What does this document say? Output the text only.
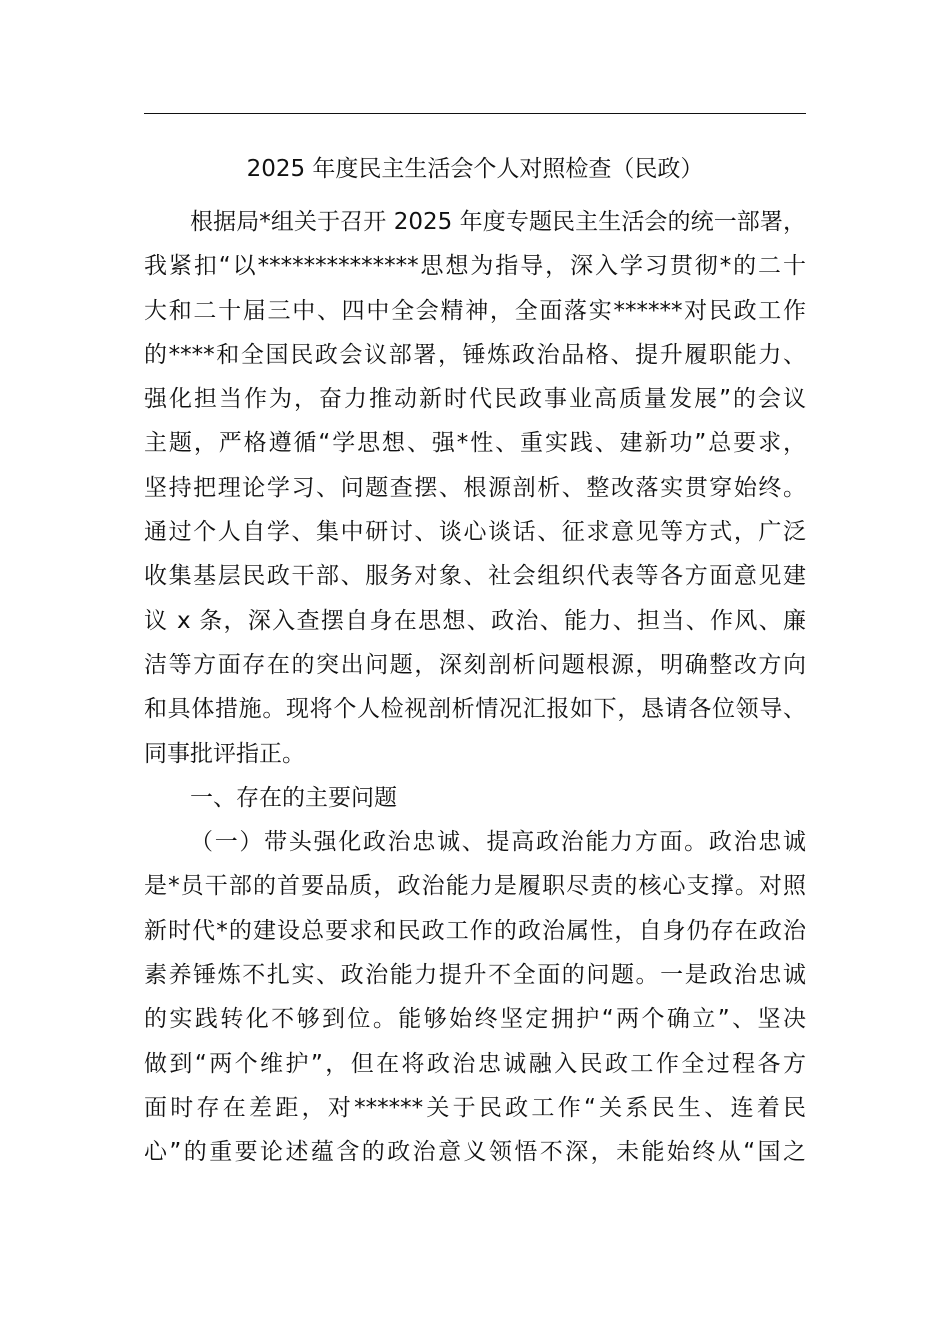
2025 年度民主生活会个人对照检查（民政）
根据局*组关于召开 2025 年度专题民主生活会的统一部署，
我紧扣“以**************思想为指导，深入学习贯彻*的二十
大和二十届三中、四中全会精神，全面落实******对民政工作
的****和全国民政会议部署，锤炼政治品格、提升履职能力、
强化担当作为，奋力推动新时代民政事业高质量发展”的会议
主题，严格遵循“学思想、强*性、重实践、建新功”总要求，
坚持把理论学习、问题查摆、根源剖析、整改落实贯穿始终。
通过个人自学、集中研讨、谈心谈话、征求意见等方式，广泛
收集基层民政干部、服务对象、社会组织代表等各方面意见建
议 x 条，深入查摆自身在思想、政治、能力、担当、作风、廉
洁等方面存在的突出问题，深刻剖析问题根源，明确整改方向
和具体措施。现将个人检视剖析情况汇报如下，恳请各位领导、
同事批评指正。
一、存在的主要问题
（一）带头强化政治忠诚、提高政治能力方面。政治忠诚
是*员干部的首要品质，政治能力是履职尽责的核心支撑。对照
新时代*的建设总要求和民政工作的政治属性，自身仍存在政治
素养锤炼不扎实、政治能力提升不全面的问题。一是政治忠诚
的实践转化不够到位。能够始终坚定拥护“两个确立”、坚决
做到“两个维护”，但在将政治忠诚融入民政工作全过程各方
面时存在差距，对******关于民政工作“关系民生、连着民
心”的重要论述蕴含的政治意义领悟不深，未能始终从“国之
